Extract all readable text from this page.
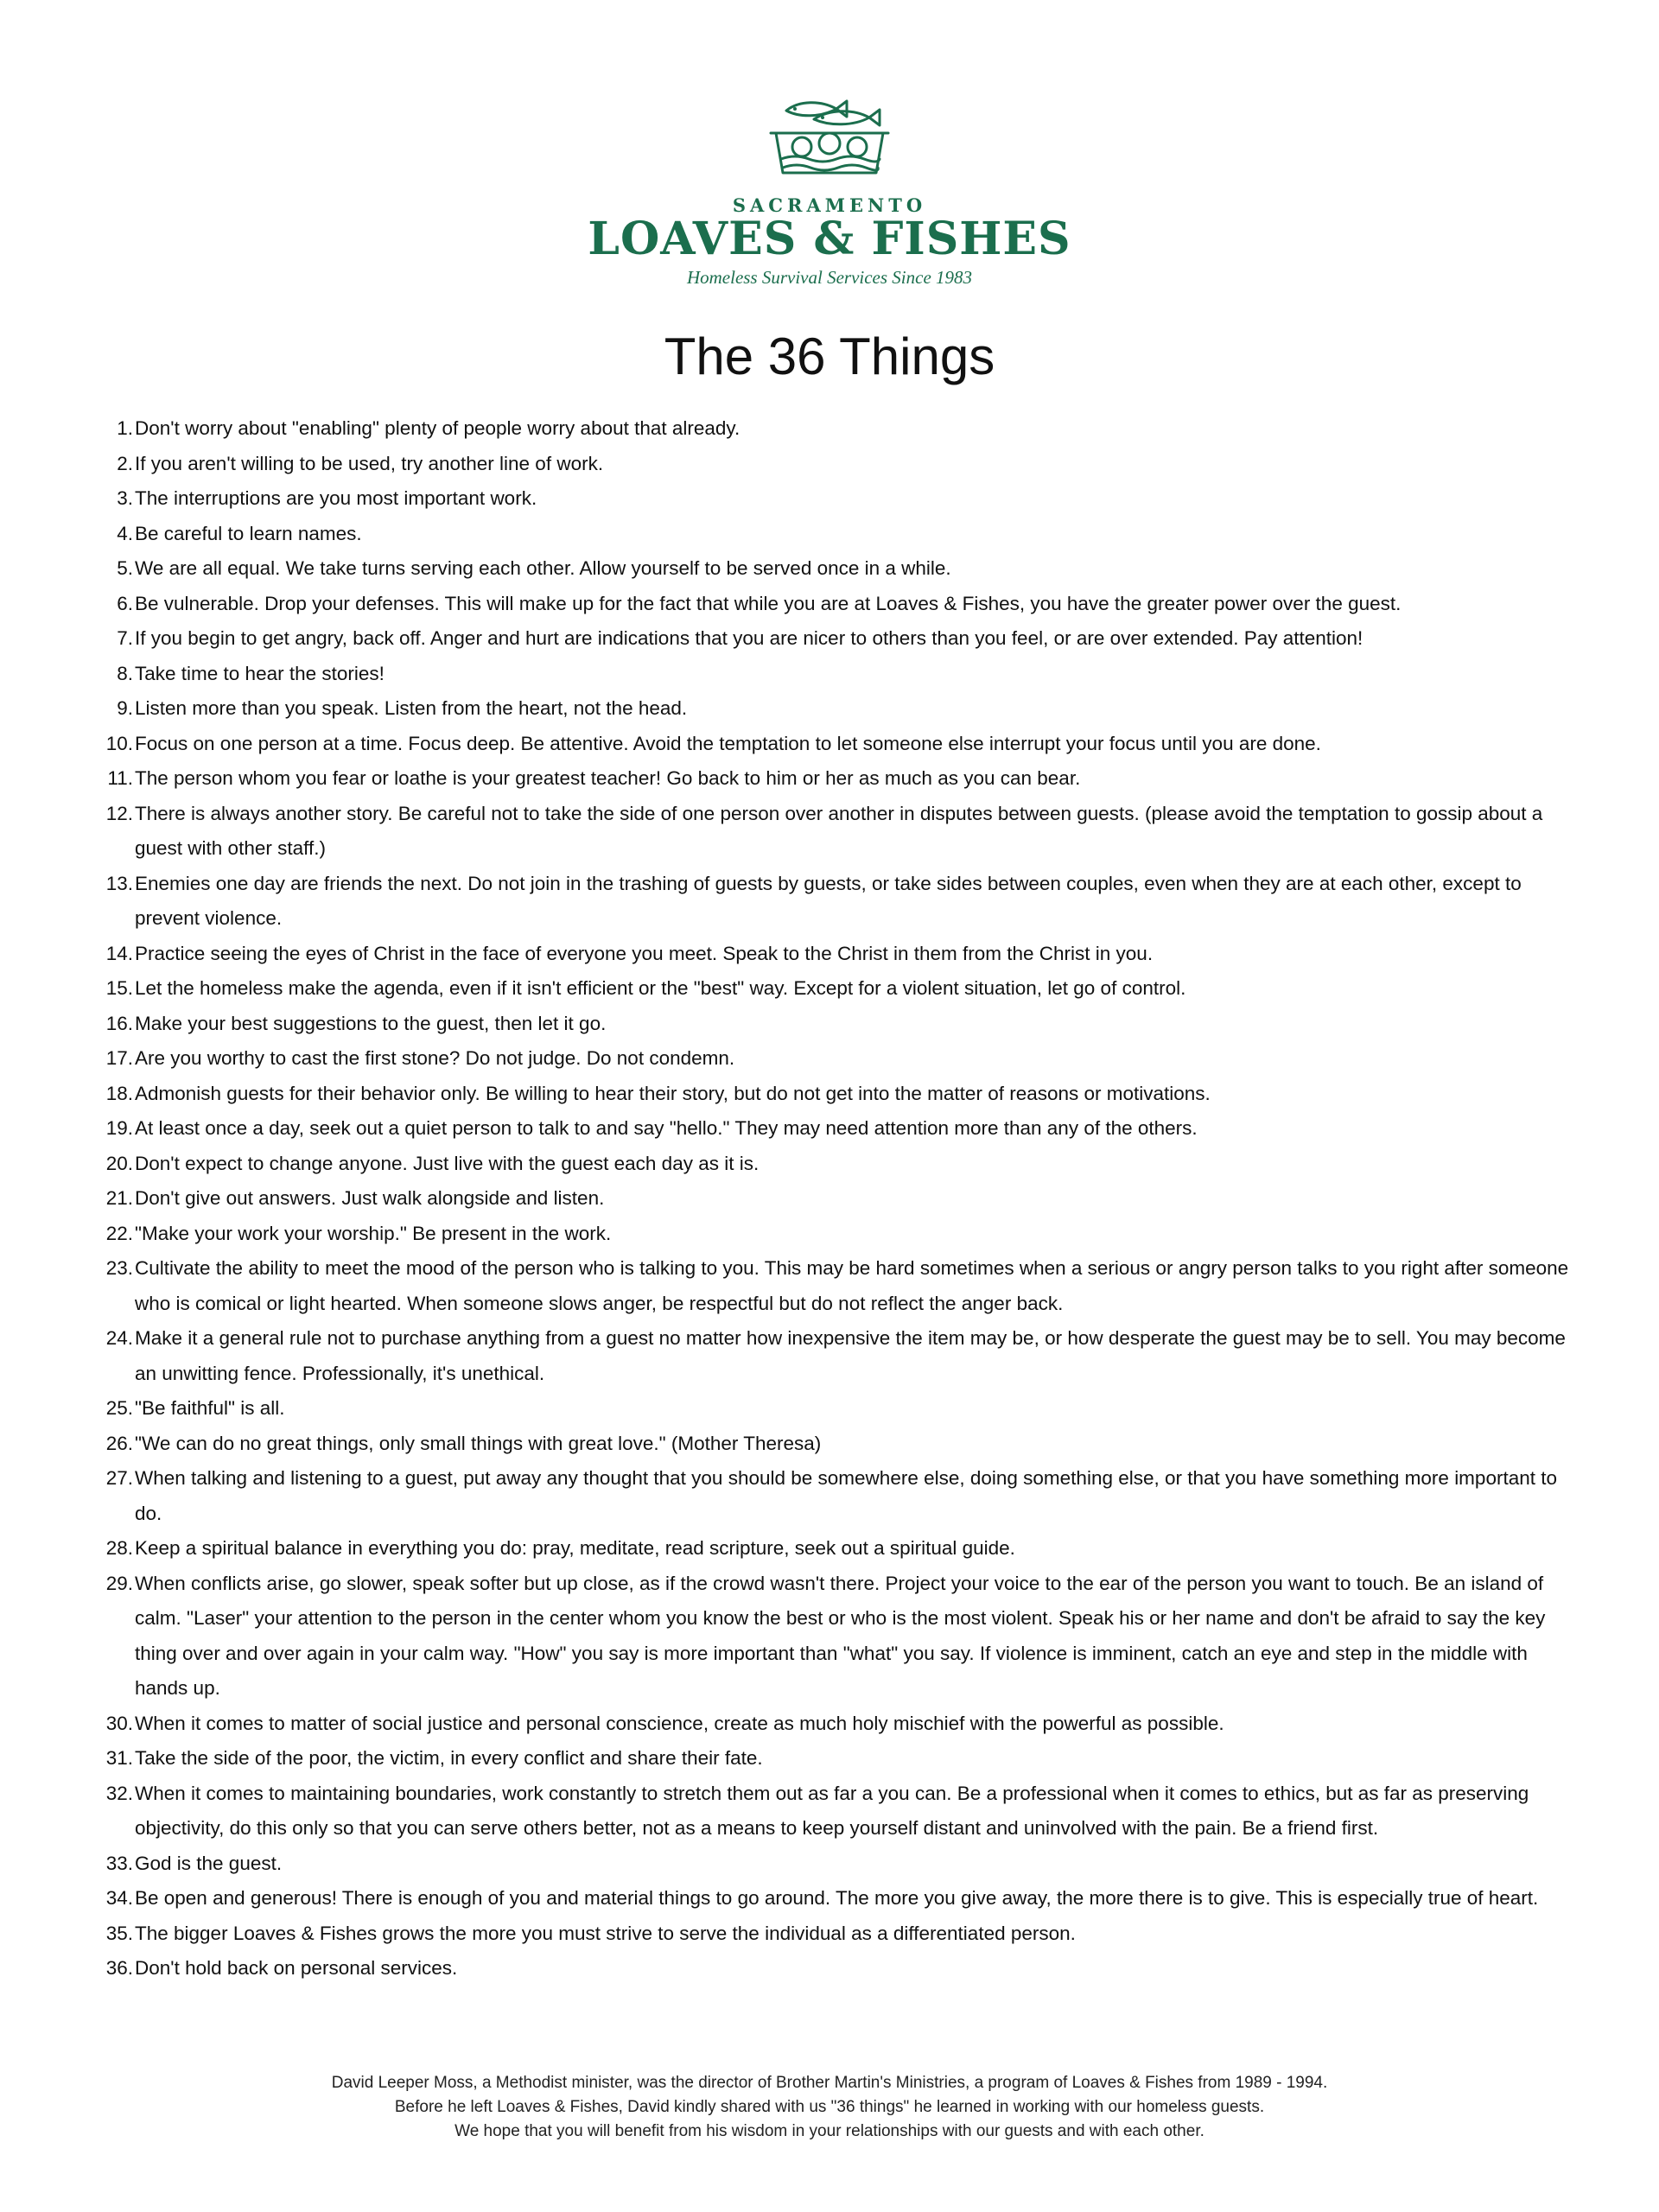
SACRAMENTO
LOAVES & FISHES
Homeless Survival Services Since 1983
The 36 Things
1. Don't worry about "enabling" plenty of people worry about that already.
2. If you aren't willing to be used, try another line of work.
3. The interruptions are you most important work.
4. Be careful to learn names.
5. We are all equal. We take turns serving each other. Allow yourself to be served once in a while.
6. Be vulnerable. Drop your defenses. This will make up for the fact that while you are at Loaves & Fishes, you have the greater power over the guest.
7. If you begin to get angry, back off. Anger and hurt are indications that you are nicer to others than you feel, or are over extended. Pay attention!
8. Take time to hear the stories!
9. Listen more than you speak. Listen from the heart, not the head.
10. Focus on one person at a time. Focus deep. Be attentive. Avoid the temptation to let someone else interrupt your focus until you are done.
11. The person whom you fear or loathe is your greatest teacher! Go back to him or her as much as you can bear.
12. There is always another story. Be careful not to take the side of one person over another in disputes between guests. (please avoid the temptation to gossip about a guest with other staff.)
13. Enemies one day are friends the next. Do not join in the trashing of guests by guests, or take sides between couples, even when they are at each other, except to prevent violence.
14. Practice seeing the eyes of Christ in the face of everyone you meet. Speak to the Christ in them from the Christ in you.
15. Let the homeless make the agenda, even if it isn't efficient or the "best" way. Except for a violent situation, let go of control.
16. Make your best suggestions to the guest, then let it go.
17. Are you worthy to cast the first stone? Do not judge. Do not condemn.
18. Admonish guests for their behavior only. Be willing to hear their story, but do not get into the matter of reasons or motivations.
19. At least once a day, seek out a quiet person to talk to and say "hello." They may need attention more than any of the others.
20. Don't expect to change anyone. Just live with the guest each day as it is.
21. Don't give out answers. Just walk alongside and listen.
22. "Make your work your worship." Be present in the work.
23. Cultivate the ability to meet the mood of the person who is talking to you. This may be hard sometimes when a serious or angry person talks to you right after someone who is comical or light hearted. When someone slows anger, be respectful but do not reflect the anger back.
24. Make it a general rule not to purchase anything from a guest no matter how inexpensive the item may be, or how desperate the guest may be to sell. You may become an unwitting fence. Professionally, it's unethical.
25. "Be faithful" is all.
26. "We can do no great things, only small things with great love." (Mother Theresa)
27. When talking and listening to a guest, put away any thought that you should be somewhere else, doing something else, or that you have something more important to do.
28. Keep a spiritual balance in everything you do: pray, meditate, read scripture, seek out a spiritual guide.
29. When conflicts arise, go slower, speak softer but up close, as if the crowd wasn't there. Project your voice to the ear of the person you want to touch. Be an island of calm. "Laser" your attention to the person in the center whom you know the best or who is the most violent. Speak his or her name and don't be afraid to say the key thing over and over again in your calm way. "How" you say is more important than "what" you say. If violence is imminent, catch an eye and step in the middle with hands up.
30. When it comes to matter of social justice and personal conscience, create as much holy mischief with the powerful as possible.
31. Take the side of the poor, the victim, in every conflict and share their fate.
32. When it comes to maintaining boundaries, work constantly to stretch them out as far a you can. Be a professional when it comes to ethics, but as far as preserving objectivity, do this only so that you can serve others better, not as a means to keep yourself distant and uninvolved with the pain. Be a friend first.
33. God is the guest.
34. Be open and generous! There is enough of you and material things to go around. The more you give away, the more there is to give. This is especially true of heart.
35. The bigger Loaves & Fishes grows the more you must strive to serve the individual as a differentiated person.
36. Don't hold back on personal services.
David Leeper Moss, a Methodist minister, was the director of Brother Martin's Ministries, a program of Loaves & Fishes from 1989 - 1994.
Before he left Loaves & Fishes, David kindly shared with us "36 things" he learned in working with our homeless guests.
We hope that you will benefit from his wisdom in your relationships with our guests and with each other.
